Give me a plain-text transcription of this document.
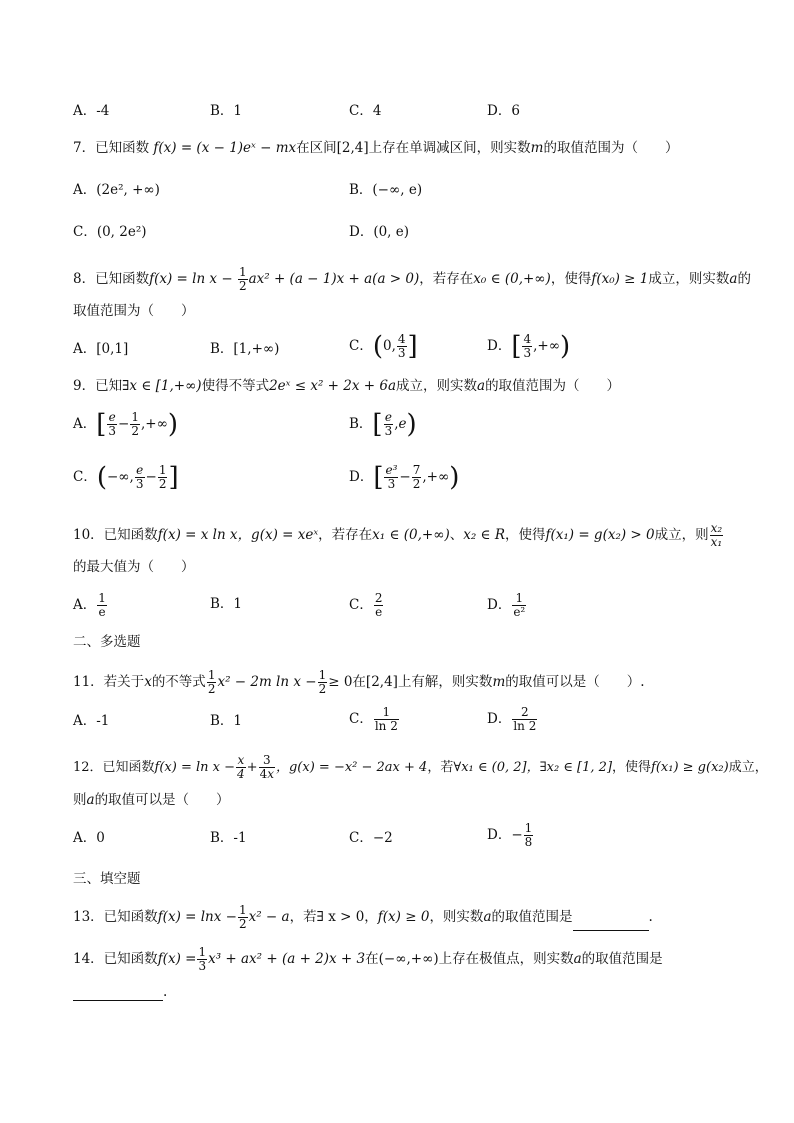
A．-4	B．1	C．4	D．6
7．已知函数 f(x) = (x − 1)eˣ − mx在区间[2,4]上存在单调减区间，则实数m的取值范围为（　　）
A．(2e², +∞)	B．(−∞, e)
C．(0, 2e²)	D．(0, e)
8．已知函数$f(x) = \ln x - \frac{1}{2} ax^2 + (a - 1)x + a(a > 0)$，若存在x₀ ∈ (0,+∞)，使得f(x₀) ≥ 1成立，则实数a的
取值范围为（　　）
A．[0,1]	B．[1,+∞)	C．(0, $\frac{4}{3}$ ]	D．[ $\frac{4}{3}$ ,+∞)
9．已知∃x ∈ [1,+∞)使得不等式2eˣ ≤ x² + 2x + 6a成立，则实数a的取值范围为（　　）
A．[ $\frac{e}{3} - \frac{1}{2}$ ,+∞)	B．[ $\frac{e}{3} ,e$)
C．(−∞, $\frac{e}{3} - \frac{1}{2}$ ]	D．[ $\frac{\text{e³}}{3} - \frac{7}{2}$ ,+∞)
10．已知函数f(x) = x ln x，g(x) = xeˣ，若存在x₁ ∈ (0,+∞)、x₂ ∈ R，使得f(x₁) = g(x₂) > 0成立，则 $\frac{\text{x₂}}{\text{x₁}}$
的最大值为（　　）
A． $\frac{1}{e}$	B．1	C． $\frac{2}{e}$	D． $\frac{1}{\text{e²}}$
二、多选题
11．若关于x的不等式 $\frac{1}{2} x^2 - 2m$ $\ln x - \frac{1}{2} \ge 0$在[2,4]上有解，则实数m的取值可以是（　　）.
A．-1	B．1	C． $\frac{1}{\ln 2}$	D． $\frac{2}{\ln 2}$
12．已知函数$f(x) = \ln x - \frac{x}{4} + \frac{3}{4x}$ ，g(x) = −x² − 2ax + 4，若∀x₁ ∈ (0, 2]，∃x₂ ∈ [1, 2]，使得f(x₁) ≥ g(x₂)成立，
则a的取值可以是（　　）
A．0	B．-1	C．−2	D．− $\frac{1}{8}$
三、填空题
13．已知函数$f(x) = \ln x - \frac{1}{2} x^2 - a$，若∃ x > 0，f(x) ≥ 0，则实数a的取值范围是	.
14．已知函数$f(x) = \frac{1}{3} x^3 + ax^2 + (a + 2)x + 3$在(−∞,+∞)上存在极值点，则实数a的取值范围是
.
